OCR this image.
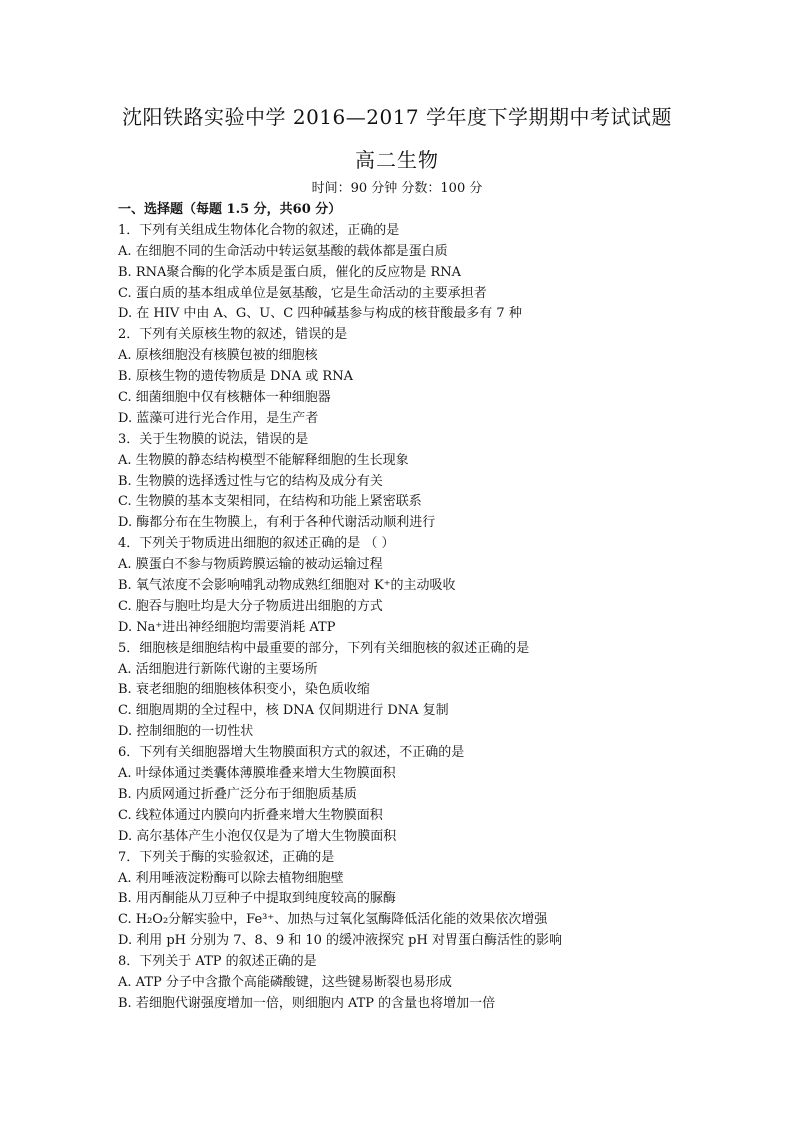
沈阳铁路实验中学 2016—2017 学年度下学期期中考试试题
高二生物
时间：90 分钟 分数：100 分
一、选择题（每题 1.5 分，共60 分）
1．下列有关组成生物体化合物的叙述，正确的是
A. 在细胞不同的生命活动中转运氨基酸的载体都是蛋白质
B. RNA聚合酶的化学本质是蛋白质，催化的反应物是 RNA
C. 蛋白质的基本组成单位是氨基酸，它是生命活动的主要承担者
D. 在 HIV 中由 A、G、U、C 四种碱基参与构成的核苷酸最多有 7 种
2．下列有关原核生物的叙述，错误的是
A. 原核细胞没有核膜包被的细胞核
B. 原核生物的遗传物质是 DNA 或 RNA
C. 细菌细胞中仅有核糖体一种细胞器
D. 蓝藻可进行光合作用，是生产者
3．关于生物膜的说法，错误的是
A. 生物膜的静态结构模型不能解释细胞的生长现象
B. 生物膜的选择透过性与它的结构及成分有关
C. 生物膜的基本支架相同，在结构和功能上紧密联系
D. 酶都分布在生物膜上，有利于各种代谢活动顺利进行
4．下列关于物质进出细胞的叙述正确的是 （ ）
A. 膜蛋白不参与物质跨膜运输的被动运输过程
B. 氧气浓度不会影响哺乳动物成熟红细胞对 K⁺的主动吸收
C. 胞吞与胞吐均是大分子物质进出细胞的方式
D. Na⁺进出神经细胞均需要消耗 ATP
5．细胞核是细胞结构中最重要的部分，下列有关细胞核的叙述正确的是
A. 活细胞进行新陈代谢的主要场所
B. 衰老细胞的细胞核体积变小，染色质收缩
C. 细胞周期的全过程中，核 DNA 仅间期进行 DNA 复制
D. 控制细胞的一切性状
6．下列有关细胞器增大生物膜面积方式的叙述，不正确的是
A. 叶绿体通过类囊体薄膜堆叠来增大生物膜面积
B. 内质网通过折叠广泛分布于细胞质基质
C. 线粒体通过内膜向内折叠来增大生物膜面积
D. 高尔基体产生小泡仅仅是为了增大生物膜面积
7．下列关于酶的实验叙述，正确的是
A. 利用唾液淀粉酶可以除去植物细胞壁
B. 用丙酮能从刀豆种子中提取到纯度较高的脲酶
C. H₂O₂分解实验中，Fe³⁺、加热与过氧化氢酶降低活化能的效果依次增强
D. 利用 pH 分别为 7、8、9 和 10 的缓冲液探究 pH 对胃蛋白酶活性的影响
8．下列关于 ATP 的叙述正确的是
A. ATP 分子中含撒个高能磷酸键，这些键易断裂也易形成
B. 若细胞代谢强度增加一倍，则细胞内 ATP 的含量也将增加一倍
